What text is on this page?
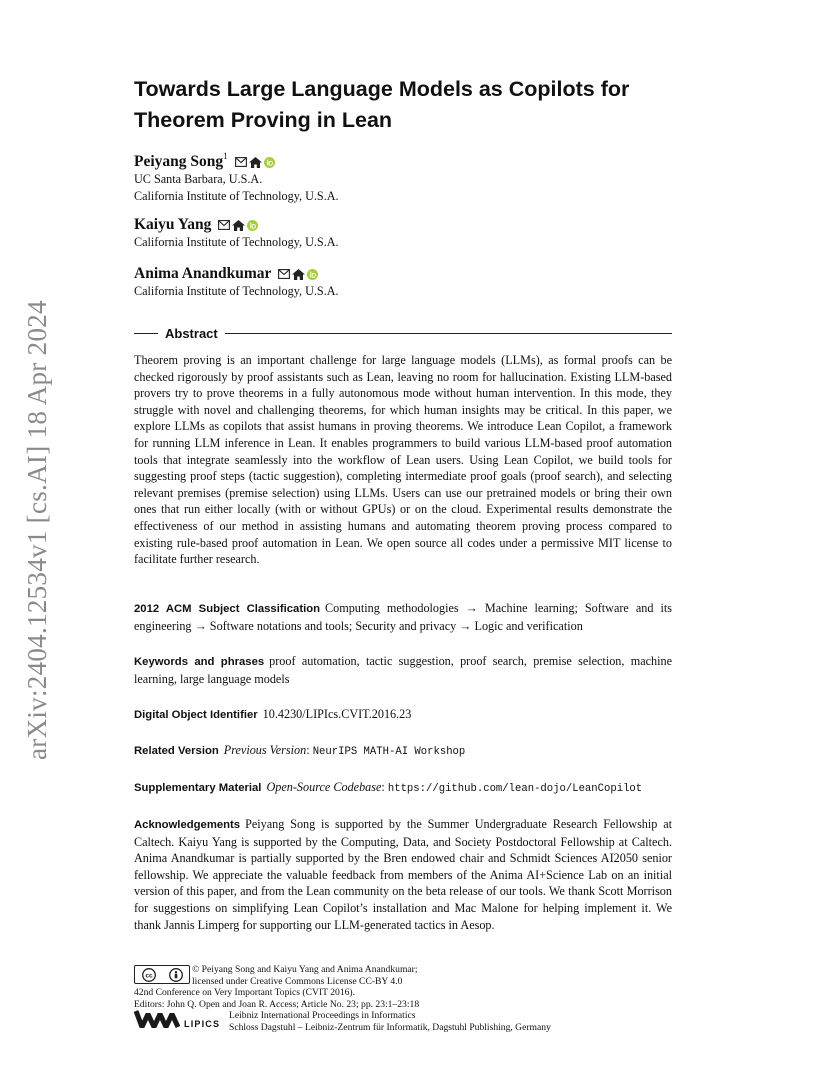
arXiv:2404.12534v1 [cs.AI] 18 Apr 2024
Towards Large Language Models as Copilots for Theorem Proving in Lean
Peiyang Song$^1$
UC Santa Barbara, U.S.A.
California Institute of Technology, U.S.A.
Kaiyu Yang
California Institute of Technology, U.S.A.
Anima Anandkumar
California Institute of Technology, U.S.A.
Abstract
Theorem proving is an important challenge for large language models (LLMs), as formal proofs can be checked rigorously by proof assistants such as Lean, leaving no room for hallucination. Existing LLM-based provers try to prove theorems in a fully autonomous mode without human intervention. In this mode, they struggle with novel and challenging theorems, for which human insights may be critical. In this paper, we explore LLMs as copilots that assist humans in proving theorems. We introduce Lean Copilot, a framework for running LLM inference in Lean. It enables programmers to build various LLM-based proof automation tools that integrate seamlessly into the workflow of Lean users. Using Lean Copilot, we build tools for suggesting proof steps (tactic suggestion), completing intermediate proof goals (proof search), and selecting relevant premises (premise selection) using LLMs. Users can use our pretrained models or bring their own ones that run either locally (with or without GPUs) or on the cloud. Experimental results demonstrate the effectiveness of our method in assisting humans and automating theorem proving process compared to existing rule-based proof automation in Lean. We open source all codes under a permissive MIT license to facilitate further research.
2012 ACM Subject Classification Computing methodologies → Machine learning; Software and its engineering → Software notations and tools; Security and privacy → Logic and verification
Keywords and phrases proof automation, tactic suggestion, proof search, premise selection, machine learning, large language models
Digital Object Identifier 10.4230/LIPIcs.CVIT.2016.23
Related Version Previous Version: NeurIPS MATH-AI Workshop
Supplementary Material Open-Source Codebase: https://github.com/lean-dojo/LeanCopilot
Acknowledgements Peiyang Song is supported by the Summer Undergraduate Research Fellowship at Caltech. Kaiyu Yang is supported by the Computing, Data, and Society Postdoctoral Fellowship at Caltech. Anima Anandkumar is partially supported by the Bren endowed chair and Schmidt Sciences AI2050 senior fellowship. We appreciate the valuable feedback from members of the Anima AI+Science Lab on an initial version of this paper, and from the Lean community on the beta release of our tools. We thank Scott Morrison for suggestions on simplifying Lean Copilot’s installation and Mac Malone for helping implement it. We thank Jannis Limperg for supporting our LLM-generated tactics in Aesop.
cc
© Peiyang Song and Kaiyu Yang and Anima Anandkumar;
licensed under Creative Commons License CC-BY 4.0
42nd Conference on Very Important Topics (CVIT 2016).
Editors: John Q. Open and Joan R. Access; Article No. 23; pp. 23:1–23:18
LIPICS
Leibniz International Proceedings in Informatics
Schloss Dagstuhl – Leibniz-Zentrum für Informatik, Dagstuhl Publishing, Germany
